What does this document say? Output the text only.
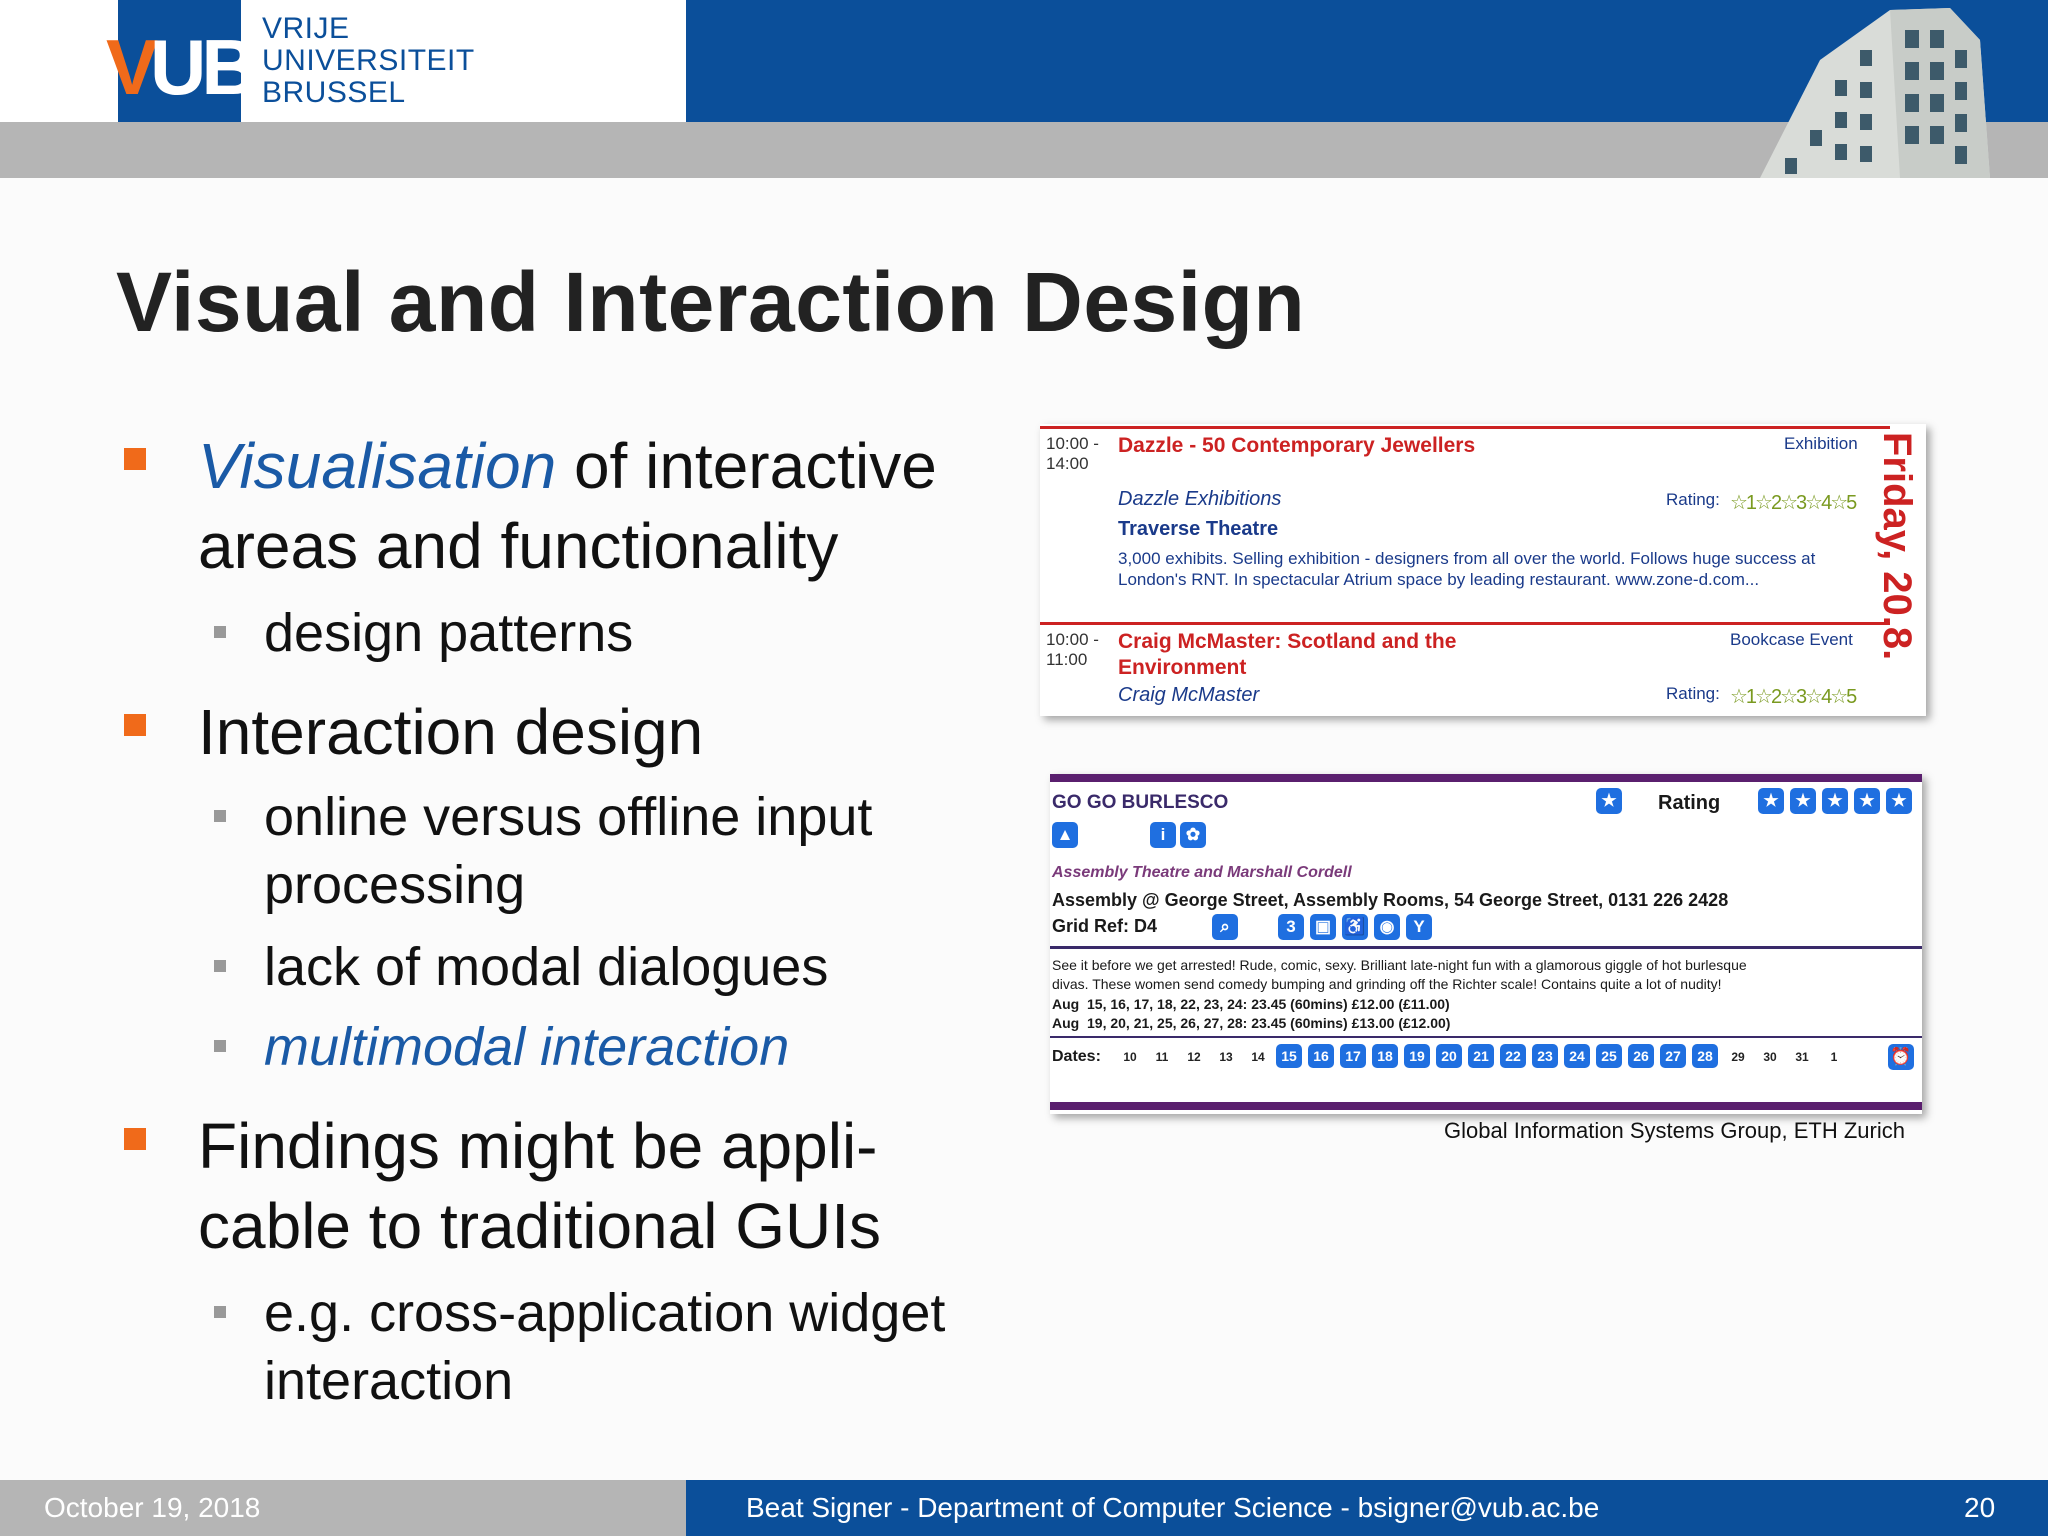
V
UB VRIJE
UNIVERSITEIT
BRUSSEL
Visual and Interaction Design
Visualisation of interactive
areas and functionality
design patterns
Interaction design
online versus offline input
processing
lack of modal dialogues
multimodal interaction
Findings might be appli-
cable to traditional GUIs
e.g. cross-application widget
interaction
10:00 -
14:00
Dazzle - 50 Contemporary Jewellers	Exhibition
Dazzle Exhibitions	Rating: ☆1☆2☆3☆4☆5
Traverse Theatre
3,000 exhibits. Selling exhibition - designers from all over the world. Follows huge success at London's RNT. In spectacular Atrium space by leading restaurant. www.zone-d.com...
10:00 -
11:00
Craig McMaster: Scotland and the
Environment
Bookcase Event
Craig McMaster	Rating: ☆1☆2☆3☆4☆5
Friday, 20.8.
GO GO BURLESCO	★ Rating	★ ★ ★ ★ ★
▲	i	✿
Assembly Theatre and Marshall Cordell
Assembly @ George Street, Assembly Rooms, 54 George Street, 0131 226 2428
Grid Ref: D4	⌕	3	▣ ♿ ◉	Y
See it before we get arrested! Rude, comic, sexy. Brilliant late-night fun with a glamorous giggle of hot burlesque
divas. These women send comedy bumping and grinding off the Richter scale! Contains quite a lot of nudity!
Aug  15, 16, 17, 18, 22, 23, 24: 23.45 (60mins) £12.00 (£11.00)
Aug  19, 20, 21, 25, 26, 27, 28: 23.45 (60mins) £13.00 (£12.00)
Dates:	10	11	12	13	14	15	16	17	18	19	20	21	22	23	24	25	26	27	28	29	30	31	1	⏰
Global Information Systems Group, ETH Zurich
October 19, 2018	Beat Signer - Department of Computer Science - bsigner@vub.ac.be	20
